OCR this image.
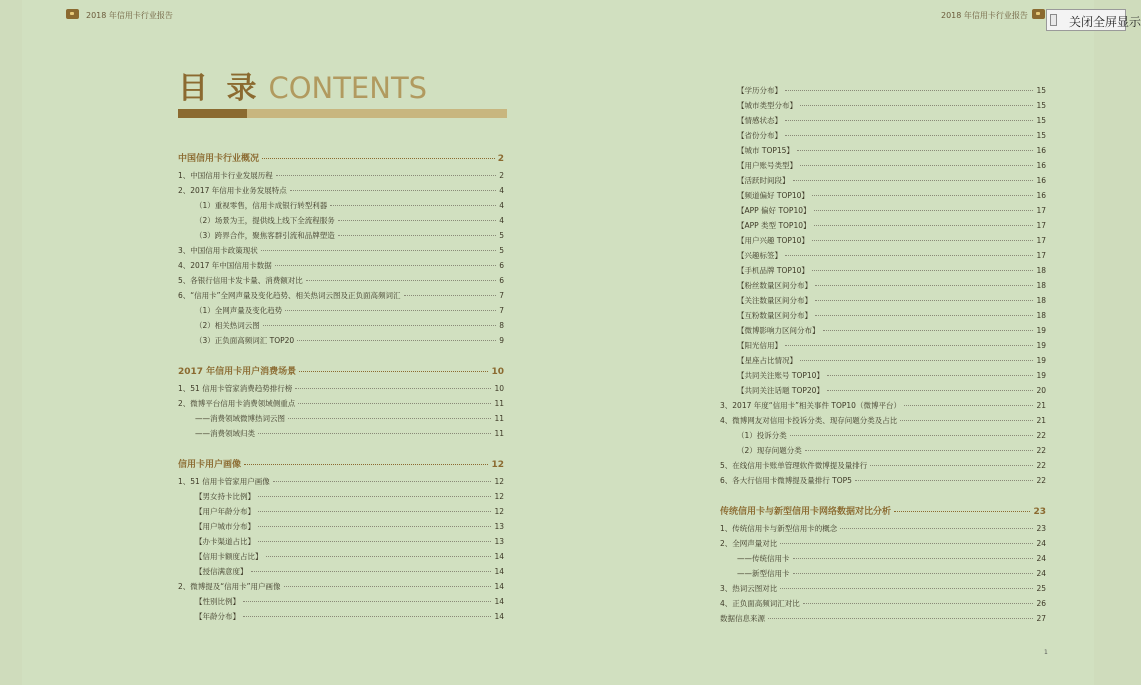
2018 年信用卡行业报告	2018 年信用卡行业报告	关闭全屏显示
目 录 CONTENTS
中国信用卡行业概况	2
1、中国信用卡行业发展历程	2
2、2017 年信用卡业务发展特点	4
（1）重视零售，信用卡成银行转型利器	4
（2）场景为王，提供线上线下全流程服务	4
（3）跨界合作，聚焦客群引流和品牌塑造	5
3、中国信用卡政策现状	5
4、2017 年中国信用卡数据	6
5、各银行信用卡发卡量、消费额对比	6
6、“信用卡”全网声量及变化趋势、相关热词云图及正负面高频词汇	7
（1）全网声量及变化趋势	7
（2）相关热词云图	8
（3）正负面高频词汇 TOP20	9
2017 年信用卡用户消费场景	10
1、51 信用卡管家消费趋势排行榜	10
2、微博平台信用卡消费领域侧重点	11
——消费领域微博热词云图	11
——消费领域归类	11
信用卡用户画像	12
1、51 信用卡管家用户画像	12
【男女持卡比例】	12
【用户年龄分布】	12
【用户城市分布】	13
【办卡渠道占比】	13
【信用卡额度占比】	14
【授信满意度】	14
2、微博提及“信用卡”用户画像	14
【性别比例】	14
【年龄分布】	14
【学历分布】	15
【城市类型分布】	15
【情感状态】	15
【省份分布】	15
【城市 TOP15】	16
【用户账号类型】	16
【活跃时间段】	16
【频道偏好 TOP10】	16
【APP 偏好 TOP10】	17
【APP 类型 TOP10】	17
【用户兴趣 TOP10】	17
【兴趣标签】	17
【手机品牌 TOP10】	18
【粉丝数量区间分布】	18
【关注数量区间分布】	18
【互粉数量区间分布】	18
【微博影响力区间分布】	19
【阳光信用】	19
【星座占比情况】	19
【共同关注账号 TOP10】	19
【共同关注话题 TOP20】	20
3、2017 年度“信用卡”相关事件 TOP10（微博平台）	21
4、微博网友对信用卡投诉分类、现存问题分类及占比	21
（1）投诉分类	22
（2）现存问题分类	22
5、在线信用卡账单管理软件微博提及量排行	22
6、各大行信用卡微博提及量排行 TOP5	22
传统信用卡与新型信用卡网络数据对比分析	23
1、传统信用卡与新型信用卡的概念	23
2、全网声量对比	24
——传统信用卡	24
——新型信用卡	24
3、热词云图对比	25
4、正负面高频词汇对比	26
数据信息来源	27
1
